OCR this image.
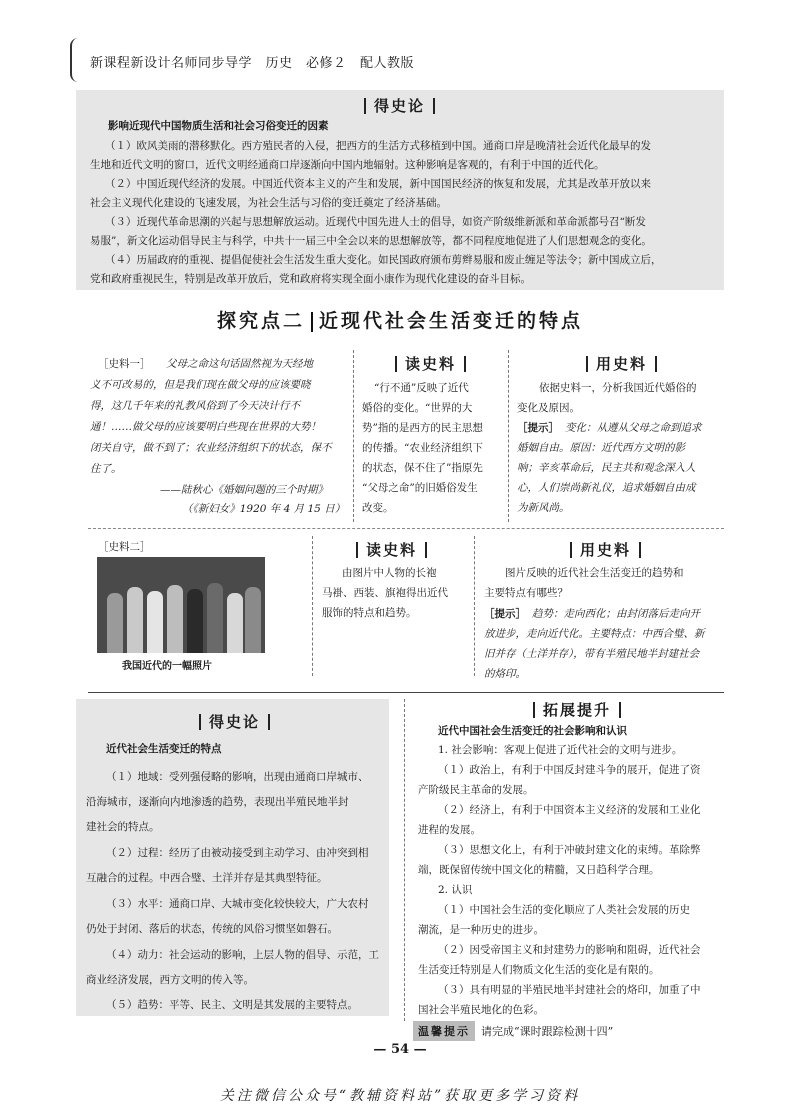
新课程新设计名师同步导学　历史　必修２　配人教版
得史论
影响近现代中国物质生活和社会习俗变迁的因素
（１）欧风美雨的潜移默化。西方殖民者的入侵，把西方的生活方式移植到中国。通商口岸是晚清社会近代化最早的发
生地和近代文明的窗口，近代文明经通商口岸逐渐向中国内地辐射。这种影响是客观的，有利于中国的近代化。
（２）中国近现代经济的发展。中国近代资本主义的产生和发展，新中国国民经济的恢复和发展，尤其是改革开放以来
社会主义现代化建设的飞速发展，为社会生活与习俗的变迁奠定了经济基础。
（３）近现代革命思潮的兴起与思想解放运动。近现代中国先进人士的倡导，如资产阶级维新派和革命派都号召“断发
易服”，新文化运动倡导民主与科学，中共十一届三中全会以来的思想解放等，都不同程度地促进了人们思想观念的变化。
（４）历届政府的重视、提倡促使社会生活发生重大变化。如民国政府颁布剪辫易服和废止缠足等法令；新中国成立后，
党和政府重视民生，特别是改革开放后，党和政府将实现全面小康作为现代化建设的奋斗目标。
探究点二 近现代社会生活变迁的特点
［史料一］ 父母之命这句话固然视为天经地
义不可改易的，但是我们现在做父母的应该要晓
得，这几千年来的礼教风俗到了今天决计行不
通！……做父母的应该要明白些现在世界的大势！
闭关自守，做不到了；农业经济组织下的状态，保不
住了。
——陆秋心《婚姻问题的三个时期》
（《新妇女》1920 年 4 月 15 日）
读史料
“行不通”反映了近代
婚俗的变化。“世界的大
势”指的是西方的民主思想
的传播。“农业经济组织下
的状态，保不住了”指原先
“父母之命”的旧婚俗发生
改变。
用史料
依据史料一，分析我国近代婚俗的
变化及原因。
［提示］ 变化：从遵从父母之命到追求
婚姻自由。原因：近代西方文明的影
响；辛亥革命后，民主共和观念深入人
心，人们崇尚新礼仪，追求婚姻自由成
为新风尚。
［史料二］
我国近代的一幅照片
读史料
由图片中人物的长袍
马褂、西装、旗袍得出近代
服饰的特点和趋势。
用史料
图片反映的近代社会生活变迁的趋势和
主要特点有哪些？
［提示］ 趋势：走向西化；由封闭落后走向开
放进步，走向近代化。主要特点：中西合璧、新
旧并存（土洋并存），带有半殖民地半封建社会
的烙印。
得史论
近代社会生活变迁的特点
（１）地域：受列强侵略的影响，出现由通商口岸城市、
沿海城市，逐渐向内地渗透的趋势，表现出半殖民地半封
建社会的特点。
（２）过程：经历了由被动接受到主动学习、由冲突到相
互融合的过程。中西合璧、土洋并存是其典型特征。
（３）水平：通商口岸、大城市变化较快较大，广大农村
仍处于封闭、落后的状态，传统的风俗习惯坚如磐石。
（４）动力：社会运动的影响，上层人物的倡导、示范，工
商业经济发展，西方文明的传入等。
（５）趋势：平等、民主、文明是其发展的主要特点。
拓展提升
近代中国社会生活变迁的社会影响和认识
1. 社会影响：客观上促进了近代社会的文明与进步。
（１）政治上，有利于中国反封建斗争的展开，促进了资
产阶级民主革命的发展。
（２）经济上，有利于中国资本主义经济的发展和工业化
进程的发展。
（３）思想文化上，有利于冲破封建文化的束缚。革除弊
端，既保留传统中国文化的精髓，又日趋科学合理。
2. 认识
（１）中国社会生活的变化顺应了人类社会发展的历史
潮流，是一种历史的进步。
（２）因受帝国主义和封建势力的影响和阻碍，近代社会
生活变迁特别是人们物质文化生活的变化是有限的。
（３）具有明显的半殖民地半封建社会的烙印，加重了中
国社会半殖民地化的色彩。
温馨提示 请完成“课时跟踪检测十四”
— 54 —
关注微信公众号“教辅资料站”获取更多学习资料
